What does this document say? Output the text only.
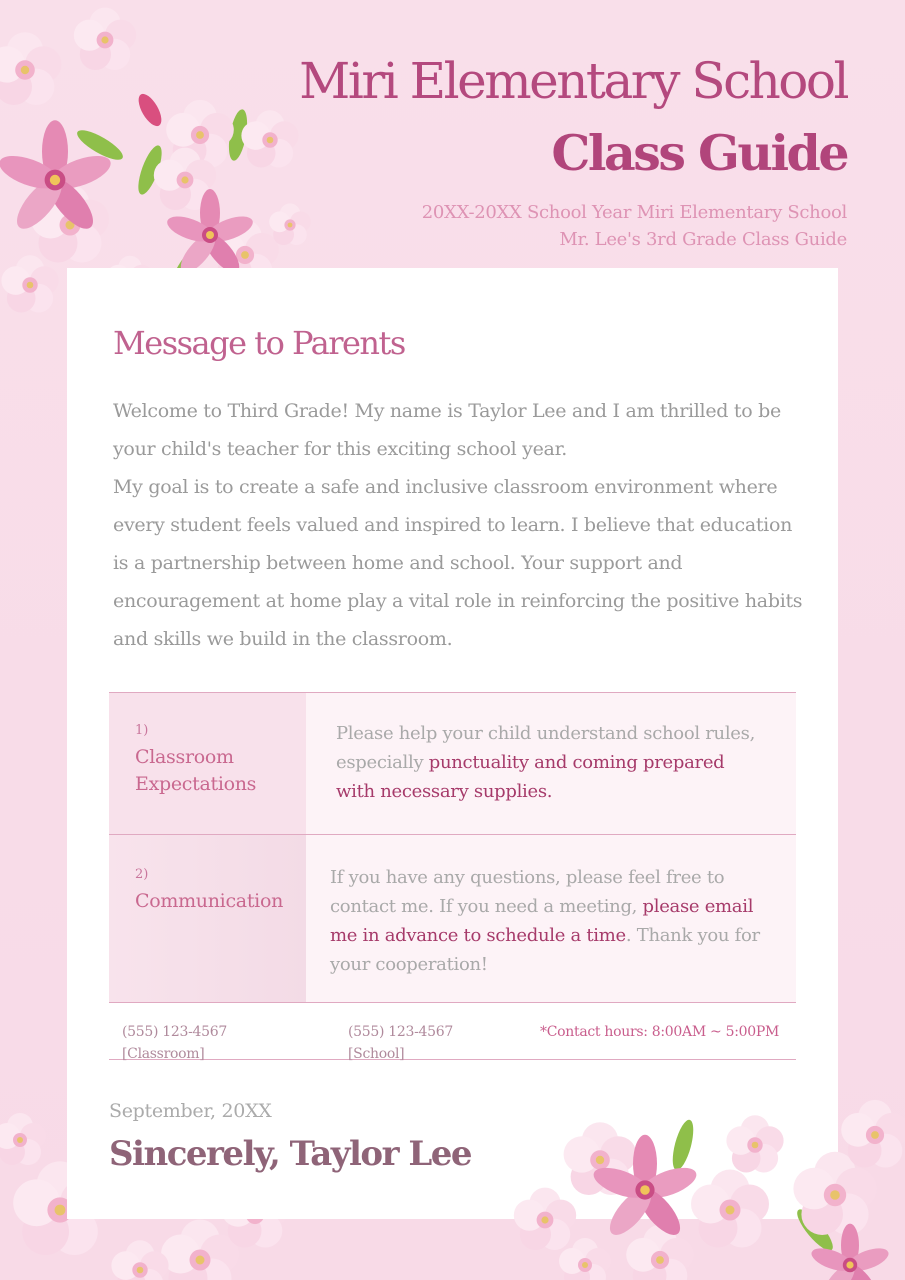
Miri Elementary School
Class Guide
20XX-20XX School Year Miri Elementary School
Mr. Lee's 3rd Grade Class Guide
Message to Parents

Welcome to Third Grade! My name is Taylor Lee and I am thrilled to be your child's teacher for this exciting school year.

My goal is to create a safe and inclusive classroom environment where every student feels valued and inspired to learn. I believe that education is a partnership between home and school. Your support and encouragement at home play a vital role in reinforcing the positive habits and skills we build in the classroom.

1)
Classroom
Expectations
Please help your child understand school rules, especially punctuality and coming prepared with necessary supplies.
2)
Communication
If you have any questions, please feel free to contact me. If you need a meeting, please email me in advance to schedule a time. Thank you for your cooperation!
[Classroom]
(555) 123-4567
[School]
(555) 123-4567	*Contact hours: 8:00AM ~ 5:00PM
September, 20XX
Sincerely, Taylor Lee
